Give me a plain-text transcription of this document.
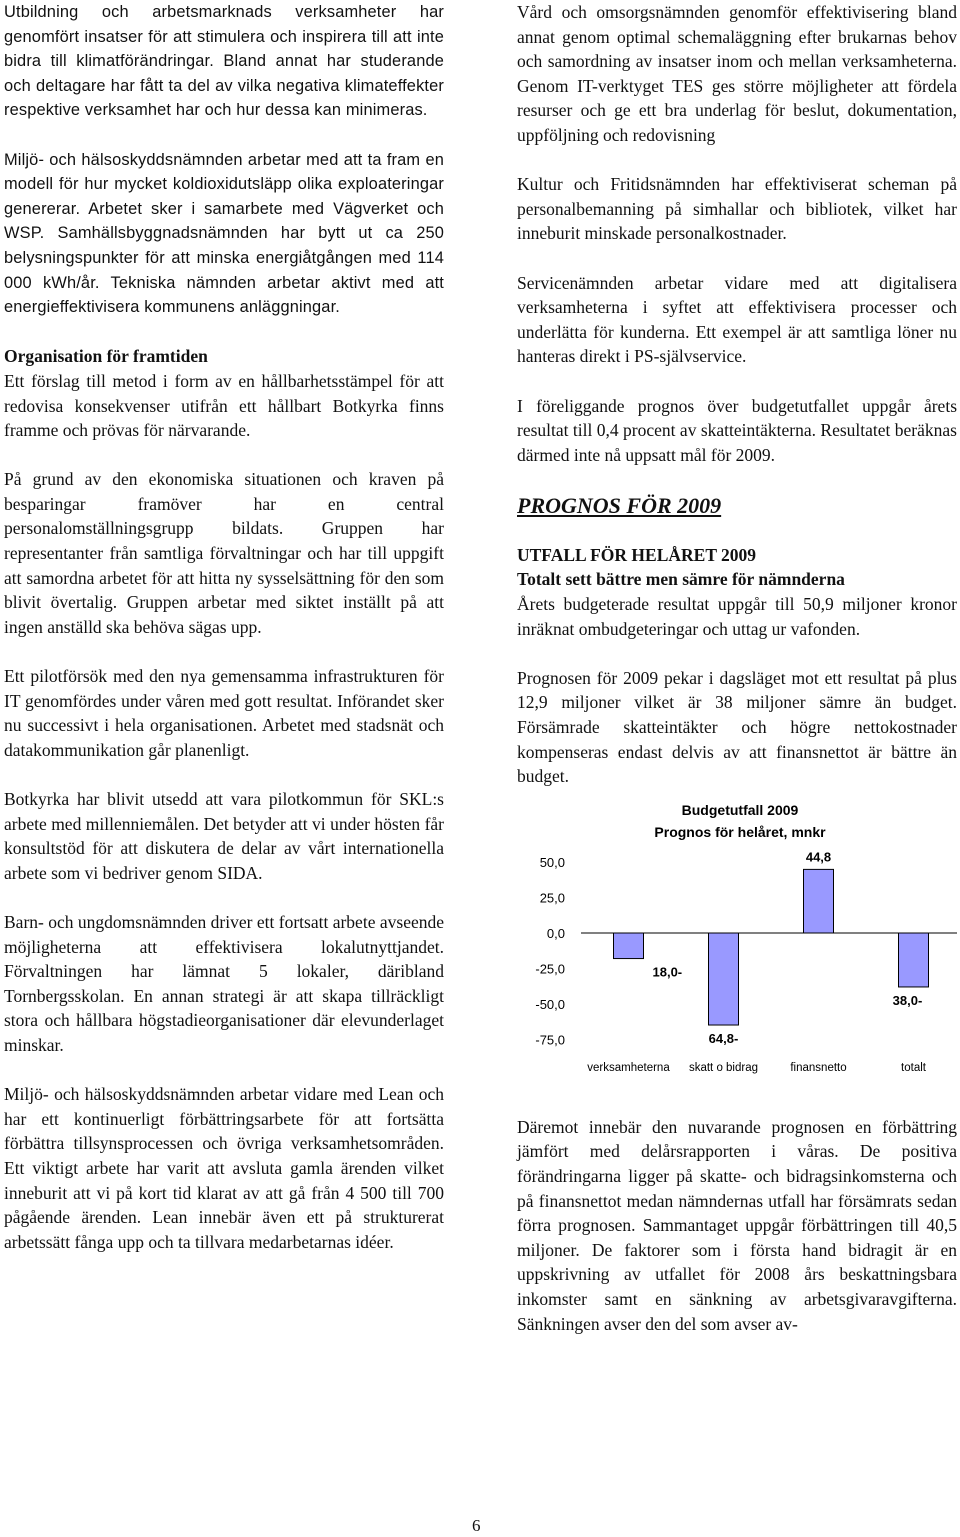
Utbildning och arbetsmarknads verksamheter har genomfört insatser för att stimulera och inspirera till att inte bidra till klimatförändringar. Bland annat har studerande och deltagare har fått ta del av vilka negativa klimateffekter respektive verksamhet har och hur dessa kan minimeras.

Miljö- och hälsoskyddsnämnden arbetar med att ta fram en modell för hur mycket koldioxidutsläpp olika exploateringar genererar. Arbetet sker i samarbete med Vägverket och WSP. Samhällsbyggnadsnämnden har bytt ut ca 250 belysningspunkter för att minska energiåtgången med 114 000 kWh/år. Tekniska nämnden arbetar aktivt med att energieffektivisera kommunens anläggningar.

Organisation för framtiden
Ett förslag till metod i form av en hållbarhetsstämpel för att redovisa konsekvenser utifrån ett hållbart Botkyrka finns framme och prövas för närvarande.

På grund av den ekonomiska situationen och kraven på besparingar framöver har en central personalomställningsgrupp bildats. Gruppen har representanter från samtliga förvaltningar och har till uppgift att samordna arbetet för att hitta ny sysselsättning för den som blivit övertalig. Gruppen arbetar med siktet inställt på att ingen anställd ska behöva sägas upp.

Ett pilotförsök med den nya gemensamma infrastrukturen för IT genomfördes under våren med gott resultat. Införandet sker nu successivt i hela organisationen. Arbetet med stadsnät och datakommunikation går planenligt.

Botkyrka har blivit utsedd att vara pilotkommun för SKL:s arbete med millenniemålen. Det betyder att vi under hösten får konsultstöd för att diskutera de delar av vårt internationella arbete som vi bedriver genom SIDA.

Barn- och ungdomsnämnden driver ett fortsatt arbete avseende möjligheterna att effektivisera lokalutnyttjandet. Förvaltningen har lämnat 5 lokaler, däribland Tornbergsskolan. En annan strategi är att skapa tillräckligt stora och hållbara högstadieorganisationer där elevunderlaget minskar.

Miljö- och hälsoskyddsnämnden arbetar vidare med Lean och har ett kontinuerligt förbättringsarbete för att fortsätta förbättra tillsynsprocessen och övriga verksamhetsområden. Ett viktigt arbete har varit att avsluta gamla ärenden vilket inneburit att vi på kort tid klarat av att gå från 4 500 till 700 pågående ärenden. Lean innebär även ett på strukturerat arbetssätt fånga upp och ta tillvara medarbetarnas idéer.

Vård och omsorgsnämnden genomför effektivisering bland annat genom optimal schemaläggning efter brukarnas behov och samordning av insatser inom och mellan verksamheterna. Genom IT-verktyget TES ges större möjligheter att fördela resurser och ge ett bra underlag för beslut, dokumentation, uppföljning och redovisning

Kultur och Fritidsnämnden har effektiviserat scheman på personalbemanning på simhallar och bibliotek, vilket har inneburit minskade personalkostnader.

Servicenämnden arbetar vidare med att digitalisera verksamheterna i syftet att effektivisera processer och underlätta för kunderna. Ett exempel är att samtliga löner nu hanteras direkt i PS-självservice.

I föreliggande prognos över budgetutfallet uppgår årets resultat till 0,4 procent av skatteintäkterna. Resultatet beräknas därmed inte nå uppsatt mål för 2009.

PROGNOS FÖR 2009
UTFALL FÖR HELÅRET 2009
Totalt sett bättre men sämre för nämnderna

Årets budgeterade resultat uppgår till 50,9 miljoner kronor inräknat ombudgeteringar och uttag ur vafonden.

Prognosen för 2009 pekar i dagsläget mot ett resultat på plus 12,9 miljoner vilket är 38 miljoner sämre än budget. Försämrade skatteintäkter och högre nettokostnader kompenseras endast delvis av att finansnettot är bättre än budget.

Budgetutfall 2009
Prognos för helåret, mnkr
50,0
25,0
0,0
-25,0
-50,0
-75,0
18,0-
verksamheterna
64,8-
skatt o bidrag
44,8
finansnetto
38,0-
totalt

Däremot innebär den nuvarande prognosen en förbättring jämfört med delårsrapporten i våras. De positiva förändringarna ligger på skatte- och bidragsinkomsterna och på finansnettot medan nämndernas utfall har försämrats sedan förra prognosen. Sammantaget uppgår förbättringen till 40,5 miljoner. De faktorer som i första hand bidragit är en uppskrivning av utfallet för 2008 års beskattningsbara inkomster samt en sänkning av arbetsgivaravgifterna. Sänkningen avser den del som avser av-

6
